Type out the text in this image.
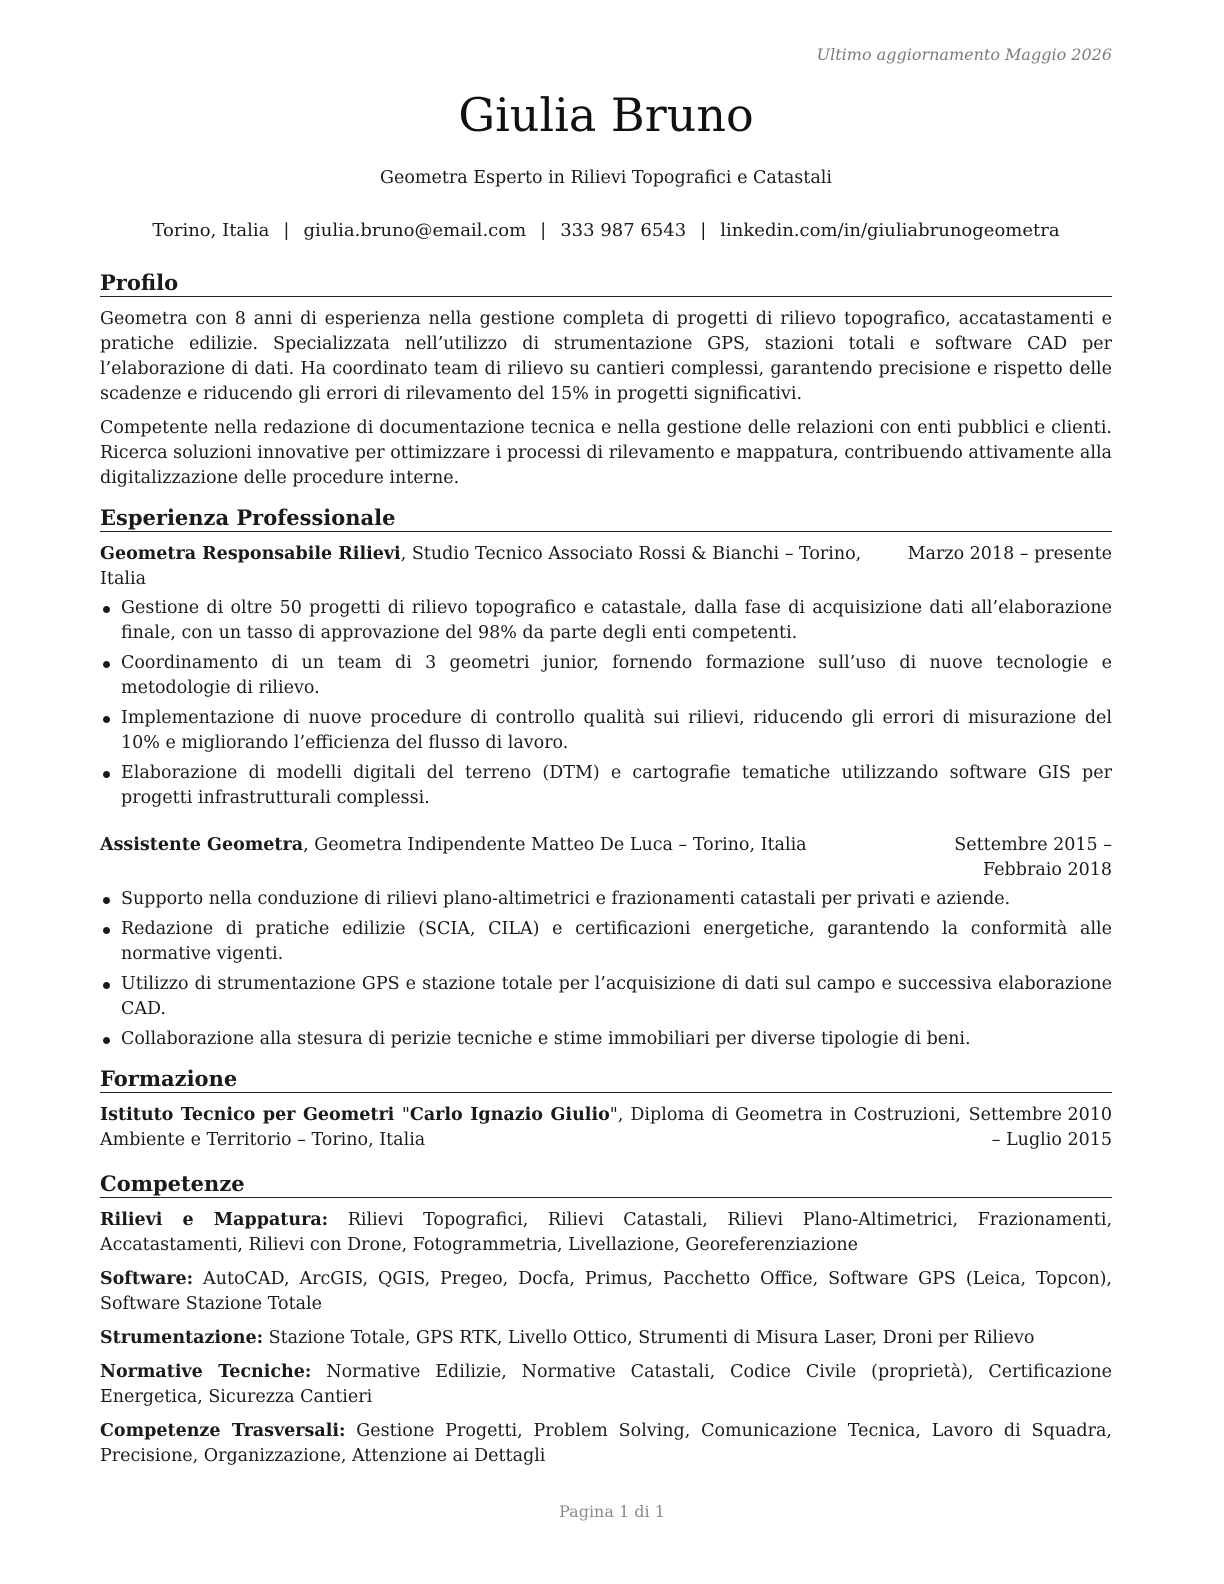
Ultimo aggiornamento Maggio 2026
Giulia Bruno
Geometra Esperto in Rilievi Topografici e Catastali
Torino, Italia | giulia.bruno@email.com | 333 987 6543 | linkedin.com/in/giuliabrunogeometra
Profilo

Geometra con 8 anni di esperienza nella gestione completa di progetti di rilievo topografico, accatastamenti e pratiche edilizie. Specializzata nell’utilizzo di strumentazione GPS, stazioni totali e software CAD per l’elaborazione di dati. Ha coordinato team di rilievo su cantieri complessi, garantendo precisione e rispetto delle scadenze e riducendo gli errori di rilevamento del 15% in progetti significativi.

Competente nella redazione di documentazione tecnica e nella gestione delle relazioni con enti pubblici e clienti. Ricerca soluzioni innovative per ottimizzare i processi di rilevamento e mappatura, contribuendo attivamente alla digitalizzazione delle procedure interne.

Esperienza Professionale
Geometra Responsabile Rilievi, Studio Tecnico Associato Rossi & Bianchi – Torino, Italia
Marzo 2018 – presente
Gestione di oltre 50 progetti di rilievo topografico e catastale, dalla fase di acquisizione dati all’elaborazione finale, con un tasso di approvazione del 98% da parte degli enti competenti.
Coordinamento di un team di 3 geometri junior, fornendo formazione sull’uso di nuove tecnologie e metodologie di rilievo.
Implementazione di nuove procedure di controllo qualità sui rilievi, riducendo gli errori di misurazione del 10% e migliorando l’efficienza del flusso di lavoro.
Elaborazione di modelli digitali del terreno (DTM) e cartografie tematiche utilizzando software GIS per progetti infrastrutturali complessi.
Assistente Geometra, Geometra Indipendente Matteo De Luca – Torino, Italia	Settembre 2015 – Febbraio 2018
Supporto nella conduzione di rilievi plano-altimetrici e frazionamenti catastali per privati e aziende.
Redazione di pratiche edilizie (SCIA, CILA) e certificazioni energetiche, garantendo la conformità alle normative vigenti.
Utilizzo di strumentazione GPS e stazione totale per l’acquisizione di dati sul campo e successiva elaborazione CAD.
Collaborazione alla stesura di perizie tecniche e stime immobiliari per diverse tipologie di beni.
Formazione
Istituto Tecnico per Geometri "Carlo Ignazio Giulio", Diploma di Geometra in Costruzioni, Ambiente e Territorio – Torino, Italia
Settembre 2010 – Luglio 2015
Competenze

Rilievi e Mappatura: Rilievi Topografici, Rilievi Catastali, Rilievi Plano-Altimetrici, Frazionamenti, Accatastamenti, Rilievi con Drone, Fotogrammetria, Livellazione, Georeferenziazione

Software: AutoCAD, ArcGIS, QGIS, Pregeo, Docfa, Primus, Pacchetto Office, Software GPS (Leica, Topcon), Software Stazione Totale

Strumentazione: Stazione Totale, GPS RTK, Livello Ottico, Strumenti di Misura Laser, Droni per Rilievo

Normative Tecniche: Normative Edilizie, Normative Catastali, Codice Civile (proprietà), Certificazione Energetica, Sicurezza Cantieri

Competenze Trasversali: Gestione Progetti, Problem Solving, Comunicazione Tecnica, Lavoro di Squadra, Precisione, Organizzazione, Attenzione ai Dettagli

Pagina 1 di 1
